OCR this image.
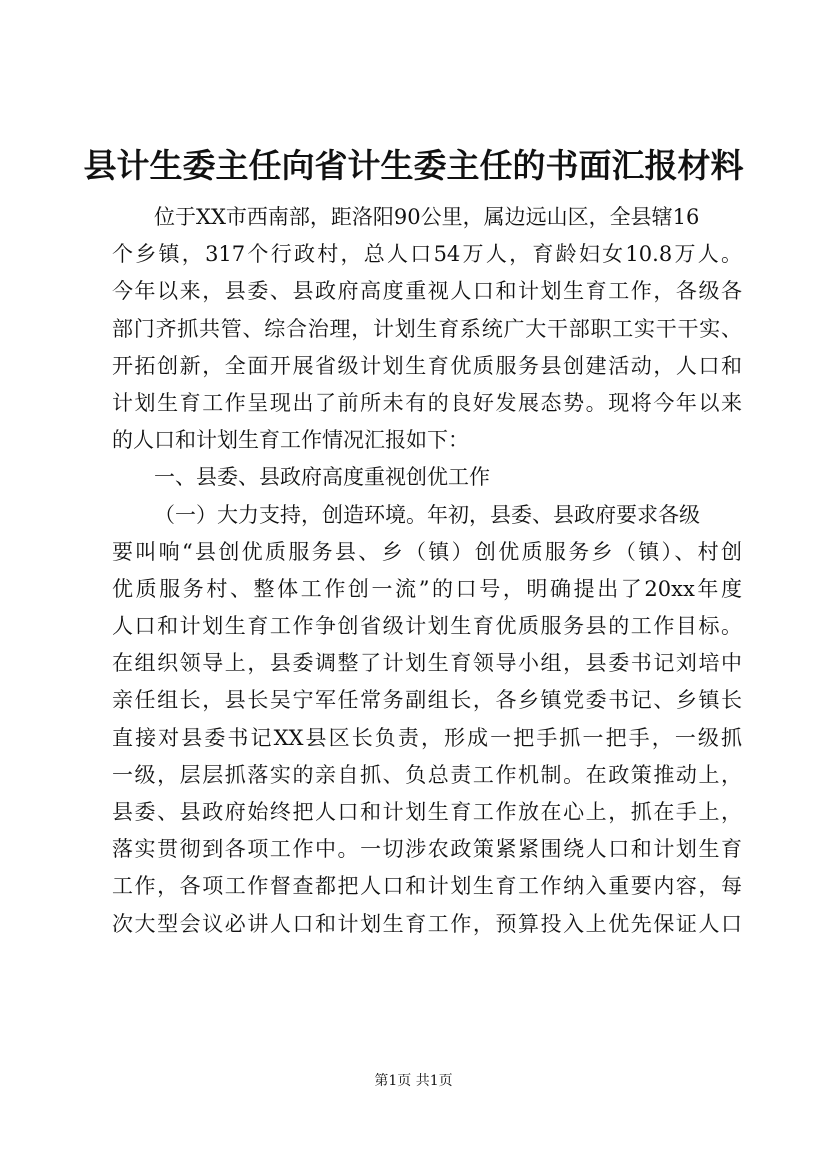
县计生委主任向省计生委主任的书面汇报材料
位于XX市西南部，距洛阳90公里，属边远山区，全县辖16
个乡镇，317个行政村，总人口54万人，育龄妇女10.8万人。
今年以来，县委、县政府高度重视人口和计划生育工作，各级各
部门齐抓共管、综合治理，计划生育系统广大干部职工实干干实、
开拓创新，全面开展省级计划生育优质服务县创建活动，人口和
计划生育工作呈现出了前所未有的良好发展态势。现将今年以来
的人口和计划生育工作情况汇报如下：
一、县委、县政府高度重视创优工作
（一）大力支持，创造环境。年初，县委、县政府要求各级
要叫响“县创优质服务县、乡（镇）创优质服务乡（镇）、村创
优质服务村、整体工作创一流”的口号，明确提出了20xx年度
人口和计划生育工作争创省级计划生育优质服务县的工作目标。
在组织领导上，县委调整了计划生育领导小组，县委书记刘培中
亲任组长，县长吴宁军任常务副组长，各乡镇党委书记、乡镇长
直接对县委书记XX县区长负责，形成一把手抓一把手，一级抓
一级，层层抓落实的亲自抓、负总责工作机制。在政策推动上，
县委、县政府始终把人口和计划生育工作放在心上，抓在手上，
落实贯彻到各项工作中。一切涉农政策紧紧围绕人口和计划生育
工作，各项工作督查都把人口和计划生育工作纳入重要内容，每
次大型会议必讲人口和计划生育工作，预算投入上优先保证人口
第1页 共1页
